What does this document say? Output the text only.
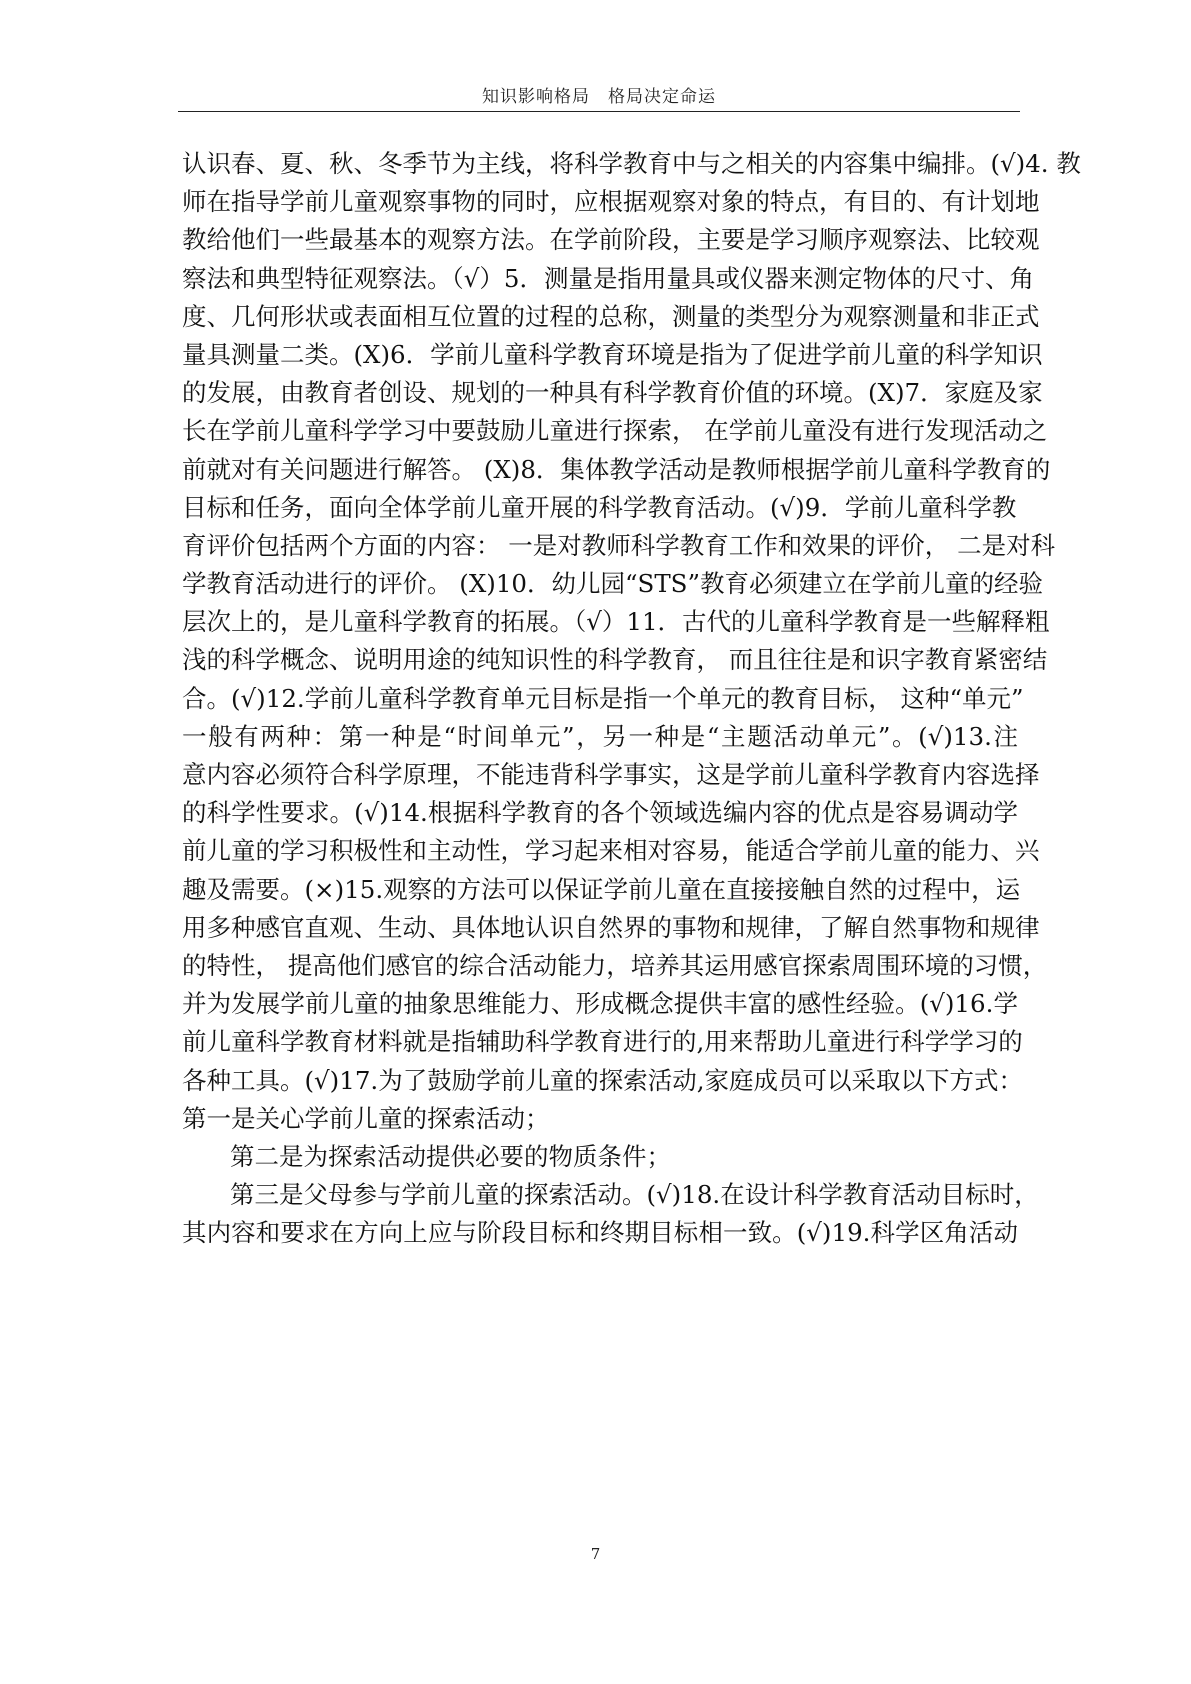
知识影响格局　格局决定命运
认识春、夏、秋、冬季节为主线，将科学教育中与之相关的内容集中编排。(√)4. 教
师在指导学前儿童观察事物的同时，应根据观察对象的特点，有目的、有计划地
教给他们一些最基本的观察方法。在学前阶段，主要是学习顺序观察法、比较观
察法和典型特征观察法。（√）5．测量是指用量具或仪器来测定物体的尺寸、角
度、几何形状或表面相互位置的过程的总称，测量的类型分为观察测量和非正式
量具测量二类。(X)6．学前儿童科学教育环境是指为了促进学前儿童的科学知识
的发展，由教育者创设、规划的一种具有科学教育价值的环境。(X)7．家庭及家
长在学前儿童科学学习中要鼓励儿童进行探索， 在学前儿童没有进行发现活动之
前就对有关问题进行解答。 (X)8．集体教学活动是教师根据学前儿童科学教育的
目标和任务，面向全体学前儿童开展的科学教育活动。(√)9．学前儿童科学教
育评价包括两个方面的内容： 一是对教师科学教育工作和效果的评价， 二是对科
学教育活动进行的评价。 (X)10．幼儿园“STS”教育必须建立在学前儿童的经验
层次上的，是儿童科学教育的拓展。（√）11．古代的儿童科学教育是一些解释粗
浅的科学概念、说明用途的纯知识性的科学教育， 而且往往是和识字教育紧密结
合。(√)12.学前儿童科学教育单元目标是指一个单元的教育目标， 这种“单元”
一般有两种：第一种是“时间单元”，另一种是“主题活动单元”。(√)13.注
意内容必须符合科学原理，不能违背科学事实，这是学前儿童科学教育内容选择
的科学性要求。(√)14.根据科学教育的各个领域选编内容的优点是容易调动学
前儿童的学习积极性和主动性，学习起来相对容易，能适合学前儿童的能力、兴
趣及需要。(×)15.观察的方法可以保证学前儿童在直接接触自然的过程中，运
用多种感官直观、生动、具体地认识自然界的事物和规律，了解自然事物和规律
的特性， 提高他们感官的综合活动能力，培养其运用感官探索周围环境的习惯，
并为发展学前儿童的抽象思维能力、形成概念提供丰富的感性经验。(√)16.学
前儿童科学教育材料就是指辅助科学教育进行的,用来帮助儿童进行科学学习的
各种工具。(√)17.为了鼓励学前儿童的探索活动,家庭成员可以采取以下方式：
第一是关心学前儿童的探索活动；
第二是为探索活动提供必要的物质条件；
第三是父母参与学前儿童的探索活动。(√)18.在设计科学教育活动目标时，
其内容和要求在方向上应与阶段目标和终期目标相一致。(√)19.科学区角活动
7
